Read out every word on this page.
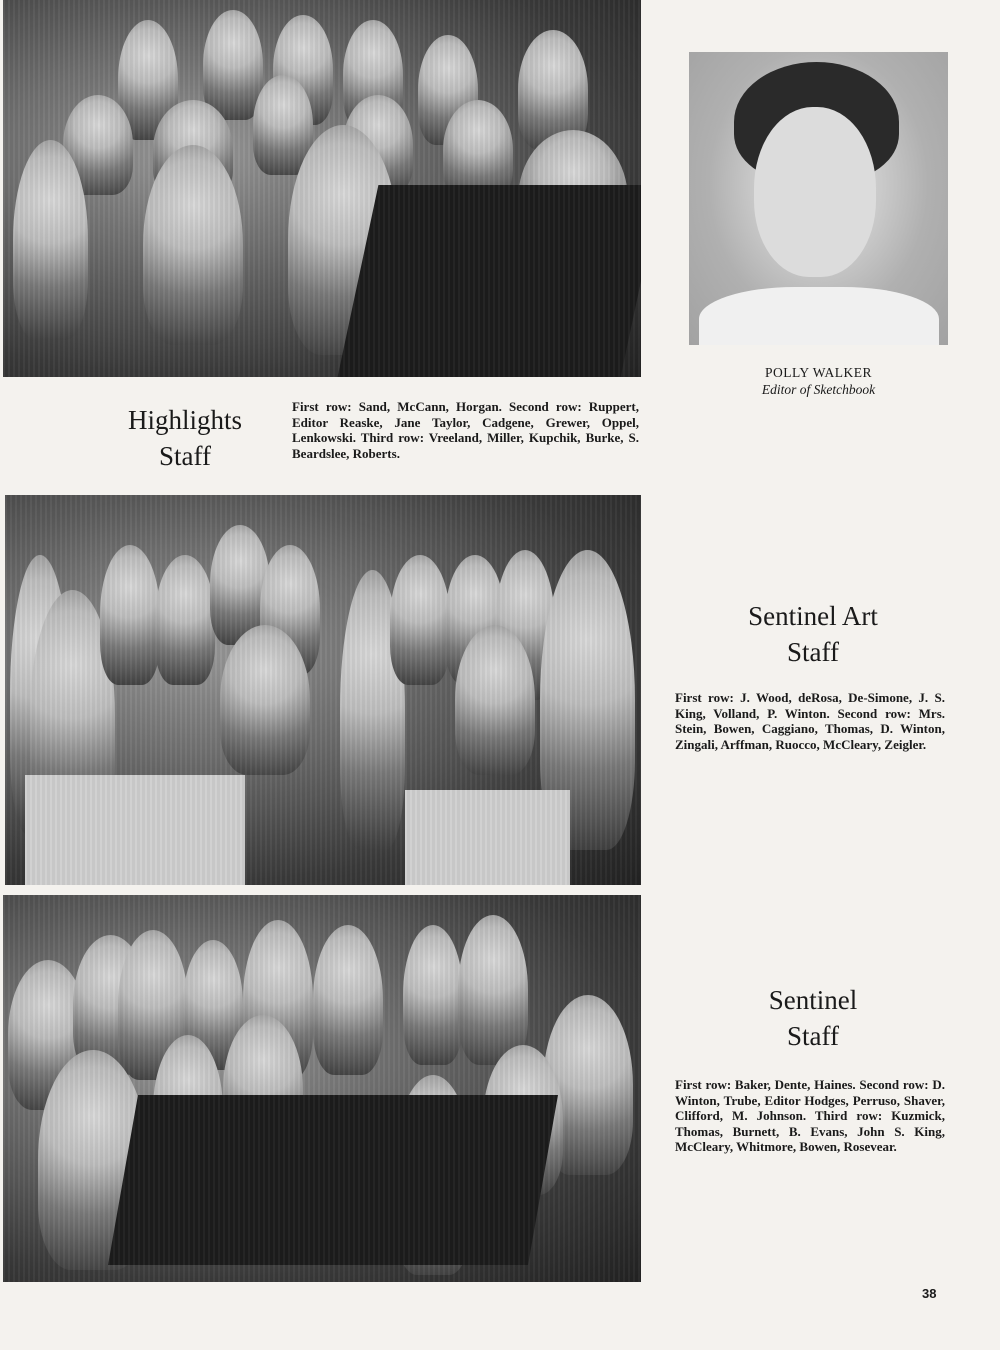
POLLY WALKER
Editor of Sketchbook
Highlights
Staff
First row: Sand, McCann, Horgan. Second row: Ruppert, Editor Reaske, Jane Taylor, Cadgene, Grewer, Oppel, Lenkowski. Third row: Vreeland, Miller, Kupchik, Burke, S. Beardslee, Roberts.
Sentinel Art
Staff
First row: J. Wood, deRosa, De-Simone, J. S. King, Volland, P. Winton. Second row: Mrs. Stein, Bowen, Caggiano, Thomas, D. Winton, Zingali, Arffman, Ruocco, McCleary, Zeigler.
Sentinel
Staff
First row: Baker, Dente, Haines. Second row: D. Winton, Trube, Editor Hodges, Perruso, Shaver, Clifford, M. Johnson. Third row: Kuzmick, Thomas, Burnett, B. Evans, John S. King, McCleary, Whitmore, Bowen, Rosevear.
38
